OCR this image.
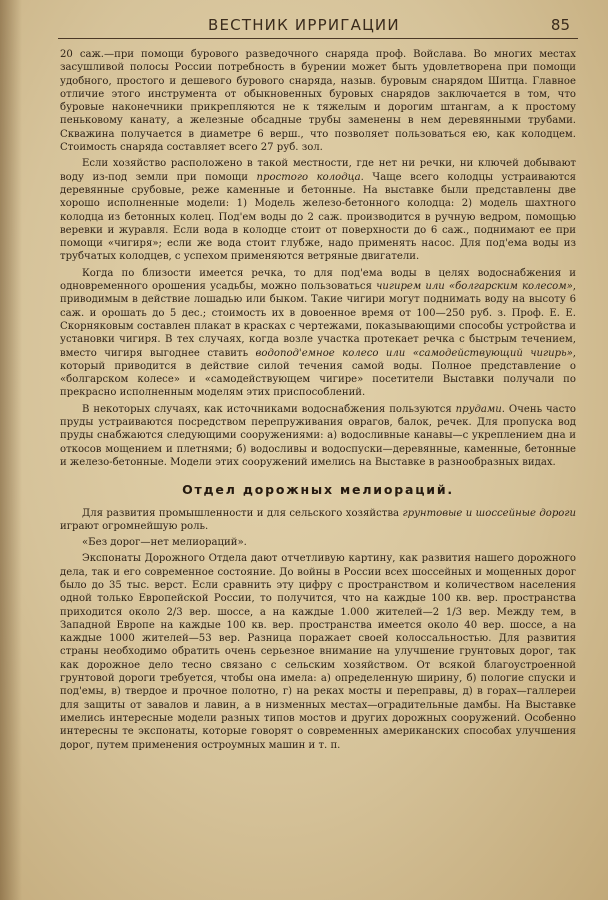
ВЕСТНИК ИРРИГАЦИИ	85

20 саж.—при помощи бурового разведочного снаряда проф. Войслава. Во многих местах засушливой полосы России потребность в бурении может быть удовлетворена при помощи удобного, простого и дешевого бурового снаряда, назыв. буровым снарядом Шитца. Главное отличие этого инструмента от обыкновенных буровых снарядов заключается в том, что буровые наконечники прикрепляются не к тяжелым и дорогим штангам, а к простому пеньковому канату, а железные обсадные трубы заменены в нем деревянными трубами. Скважина получается в диаметре 6 верш., что позволяет пользоваться ею, как колодцем. Стоимость снаряда составляет всего 27 руб. зол.

Если хозяйство расположено в такой местности, где нет ни речки, ни ключей добывают воду из-под земли при помощи простого колодца. Чаще всего колодцы устраиваются деревянные срубовые, реже каменные и бетонные. На выставке были представлены две хорошо исполненные модели: 1) Модель железо-бетонного колодца: 2) модель шахтного колодца из бетонных колец. Под'ем воды до 2 саж. производится в ручную ведром, помощью веревки и журавля. Если вода в колодце стоит от поверхности до 6 саж., поднимают ее при помощи «чигиря»; если же вода стоит глубже, надо применять насос. Для под'ема воды из трубчатых колодцев, с успехом применяются ветряные двигатели.

Когда по близости имеется речка, то для под'ема воды в целях водоснабжения и одновременного орошения усадьбы, можно пользоваться чигирем или «болгарским колесом», приводимым в действие лошадью или быком. Такие чигири могут поднимать воду на высоту 6 саж. и орошать до 5 дес.; стоимость их в довоенное время от 100—250 руб. з. Проф. Е. Е. Скорняковым составлен плакат в красках с чертежами, показывающими способы устройства и установки чигиря. В тех случаях, когда возле участка протекает речка с быстрым течением, вместо чигиря выгоднее ставить водопод'емное колесо или «самодействующий чигирь», который приводится в действие силой течения самой воды. Полное представление о «болгарском колесе» и «самодействующем чигире» посетители Выставки получали по прекрасно исполненным моделям этих приспособлений.

В некоторых случаях, как источниками водоснабжения пользуются прудами. Очень часто пруды устраиваются посредством перепруживания оврагов, балок, речек. Для пропуска вод пруды снабжаются следующими сооружениями: а) водосливные канавы—с укреплением дна и откосов мощением и плетнями; б) водосливы и водоспуски—деревянные, каменные, бетонные и железо-бетонные. Модели этих сооружений имелись на Выставке в разнообразных видах.

Отдел дорожных мелиораций.

Для развития промышленности и для сельского хозяйства грунтовые и шоссейные дороги играют огромнейшую роль.

«Без дорог—нет мелиораций».

Экспонаты Дорожного Отдела дают отчетливую картину, как развития нашего дорожного дела, так и его современное состояние. До войны в России всех шоссейных и мощенных дорог было до 35 тыс. верст. Если сравнить эту цифру с пространством и количеством населения одной только Европейской России, то получится, что на каждые 100 кв. вер. пространства приходится около 2/3 вер. шоссе, а на каждые 1.000 жителей—2 1/3 вер. Между тем, в Западной Европе на каждые 100 кв. вер. пространства имеется около 40 вер. шоссе, а на каждые 1000 жителей—53 вер. Разница поражает своей колоссальностью. Для развития страны необходимо обратить очень серьезное внимание на улучшение грунтовых дорог, так как дорожное дело тесно связано с сельским хозяйством. От всякой благоустроенной грунтовой дороги требуется, чтобы она имела: а) определенную ширину, б) пологие спуски и под'емы, в) твердое и прочное полотно, г) на реках мосты и переправы, д) в горах—галлереи для защиты от завалов и лавин, а в низменных местах—оградительные дамбы. На Выставке имелись интересные модели разных типов мостов и других дорожных сооружений. Особенно интересны те экспонаты, которые говорят о современных американских способах улучшения дорог, путем применения остроумных машин и т. п.
